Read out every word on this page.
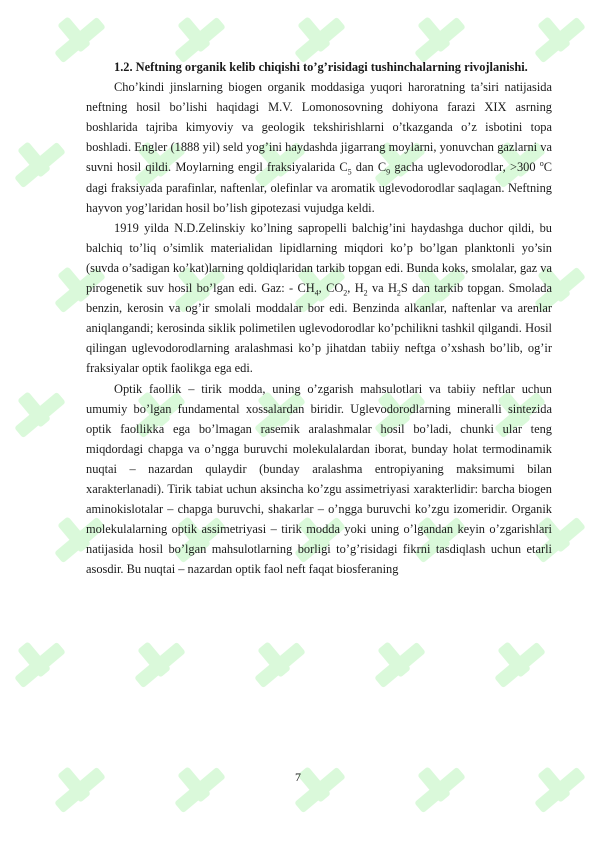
1.2. Neftning organik kelib chiqishi to’g’risidagi tushinchalarning rivojlanishi.

Cho’kindi jinslarning biogen organik moddasiga yuqori haroratning ta’siri natijasida neftning hosil bo’lishi haqidagi M.V. Lomonosovning dohiyona farazi XIX asrning boshlarida tajriba kimyoviy va geologik tekshirishlarni o’tkazganda o’z isbotini topa boshladi. Engler (1888 yil) seld yog’ini haydashda jigarrang moylarni, yonuvchan gazlarni va suvni hosil qildi. Moylarning engil fraksiyalarida $C_5$ dan $C_9$ gacha uglevodorodlar, >300 $^o$C dagi fraksiyada parafinlar, naftenlar, olefinlar va aromatik uglevodorodlar saqlagan. Neftning hayvon yog’laridan hosil bo’lish gipotezasi vujudga keldi.

1919 yilda N.D.Zelinskiy ko’lning sapropelli balchig’ini haydashga duchor qildi, bu balchiq to’liq o’simlik materialidan lipidlarning miqdori ko’p bo’lgan planktonli yo’sin (suvda o’sadigan ko’kat)larning qoldiqlaridan tarkib topgan edi. Bunda koks, smolalar, gaz va pirogenetik suv hosil bo’lgan edi. Gaz: - $CH_4$, $CO_2$, $H_2$ va $H_2S$ dan tarkib topgan. Smolada benzin, kerosin va og’ir smolali moddalar bor edi. Benzinda alkanlar, naftenlar va arenlar aniqlangandi; kerosinda siklik polimetilen uglevodorodlar ko’pchilikni tashkil qilgandi. Hosil qilingan uglevodorodlarning aralashmasi ko’p jihatdan tabiiy neftga o’xshash bo’lib, og’ir fraksiyalar optik faolikga ega edi.

Optik faollik – tirik modda, uning o’zgarish mahsulotlari va tabiiy neftlar uchun umumiy bo’lgan fundamental xossalardan biridir. Uglevodorodlarning mineralli sintezida optik faollikka ega bo’lmagan rasemik aralashmalar hosil bo’ladi, chunki ular teng miqdordagi chapga va o’ngga buruvchi molekulalardan iborat, bunday holat termodinamik nuqtai – nazardan qulaydir (bunday aralashma entropiyaning maksimumi bilan xarakterlanadi). Tirik tabiat uchun aksincha ko’zgu assimetriyasi xarakterlidir: barcha biogen aminokislotalar – chapga buruvchi, shakarlar – o’ngga buruvchi ko’zgu izomeridir. Organik molekulalarning optik assimetriyasi – tirik modda yoki uning o’lgandan keyin o’zgarishlari natijasida hosil bo’lgan mahsulotlarning borligi to’g’risidagi fikrni tasdiqlash uchun etarli asosdir. Bu nuqtai – nazardan optik faol neft faqat biosferaning

7
